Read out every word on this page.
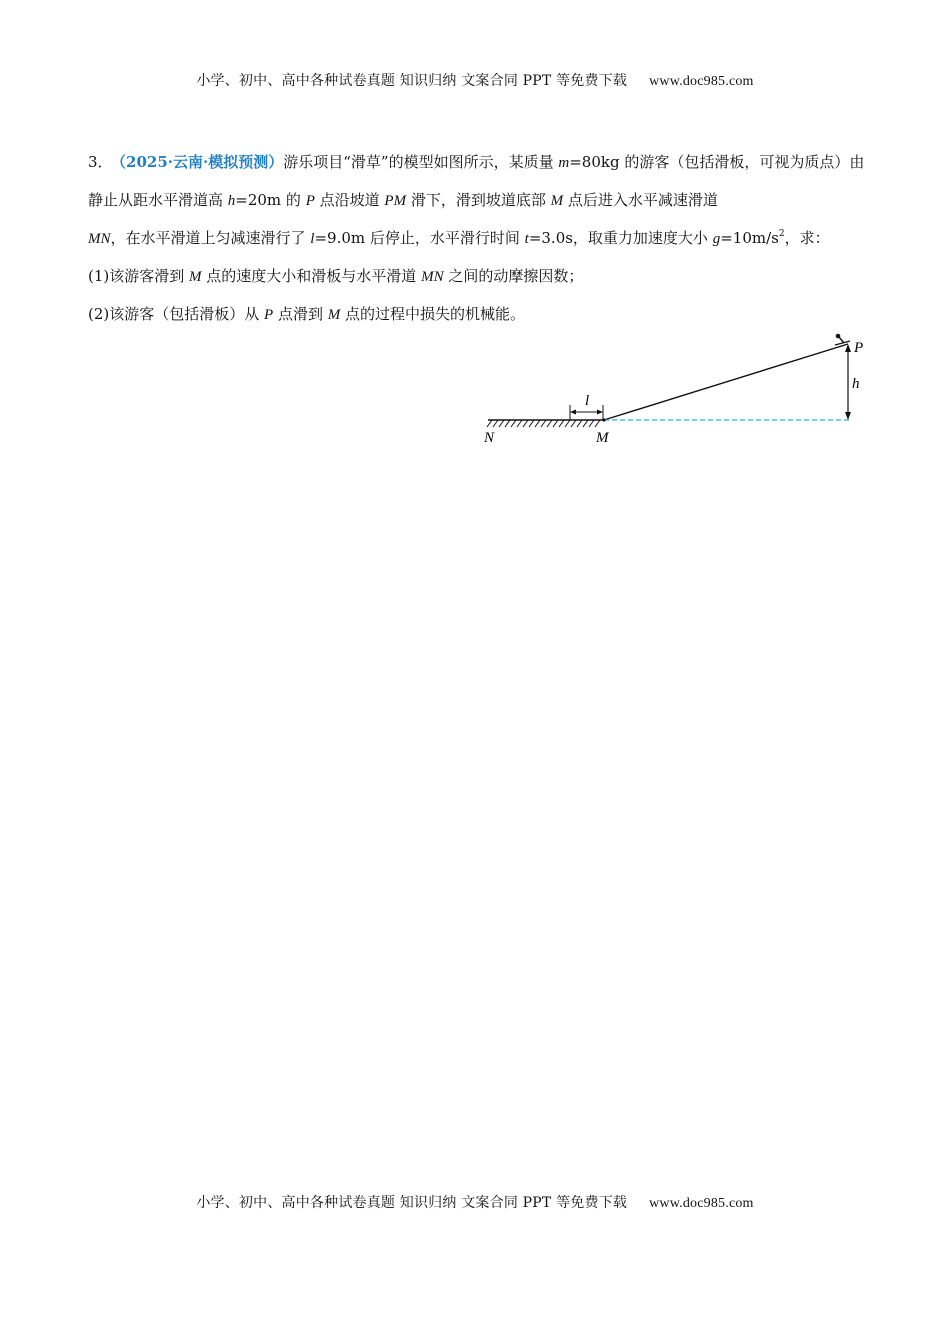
小学、初中、高中各种试卷真题 知识归纳 文案合同 PPT 等免费下载 www.doc985.com

3． （2025·云南·模拟预测）游乐项目“滑草”的模型如图所示，某质量 m=80kg 的游客（包括滑板，可视为质点）由静止从距水平滑道高 h=20m 的 P 点沿坡道 PM 滑下，滑到坡道底部 M 点后进入水平减速滑道
MN，在水平滑道上匀减速滑行了 l=9.0m 后停止，水平滑行时间 t=3.0s，取重力加速度大小 $g=10m/s^2$，求：

(1)该游客滑到 M 点的速度大小和滑板与水平滑道 MN 之间的动摩擦因数；

(2)该游客（包括滑板）从 P 点滑到 M 点的过程中损失的机械能。

P
h
l
N	M
小学、初中、高中各种试卷真题 知识归纳 文案合同 PPT 等免费下载 www.doc985.com
